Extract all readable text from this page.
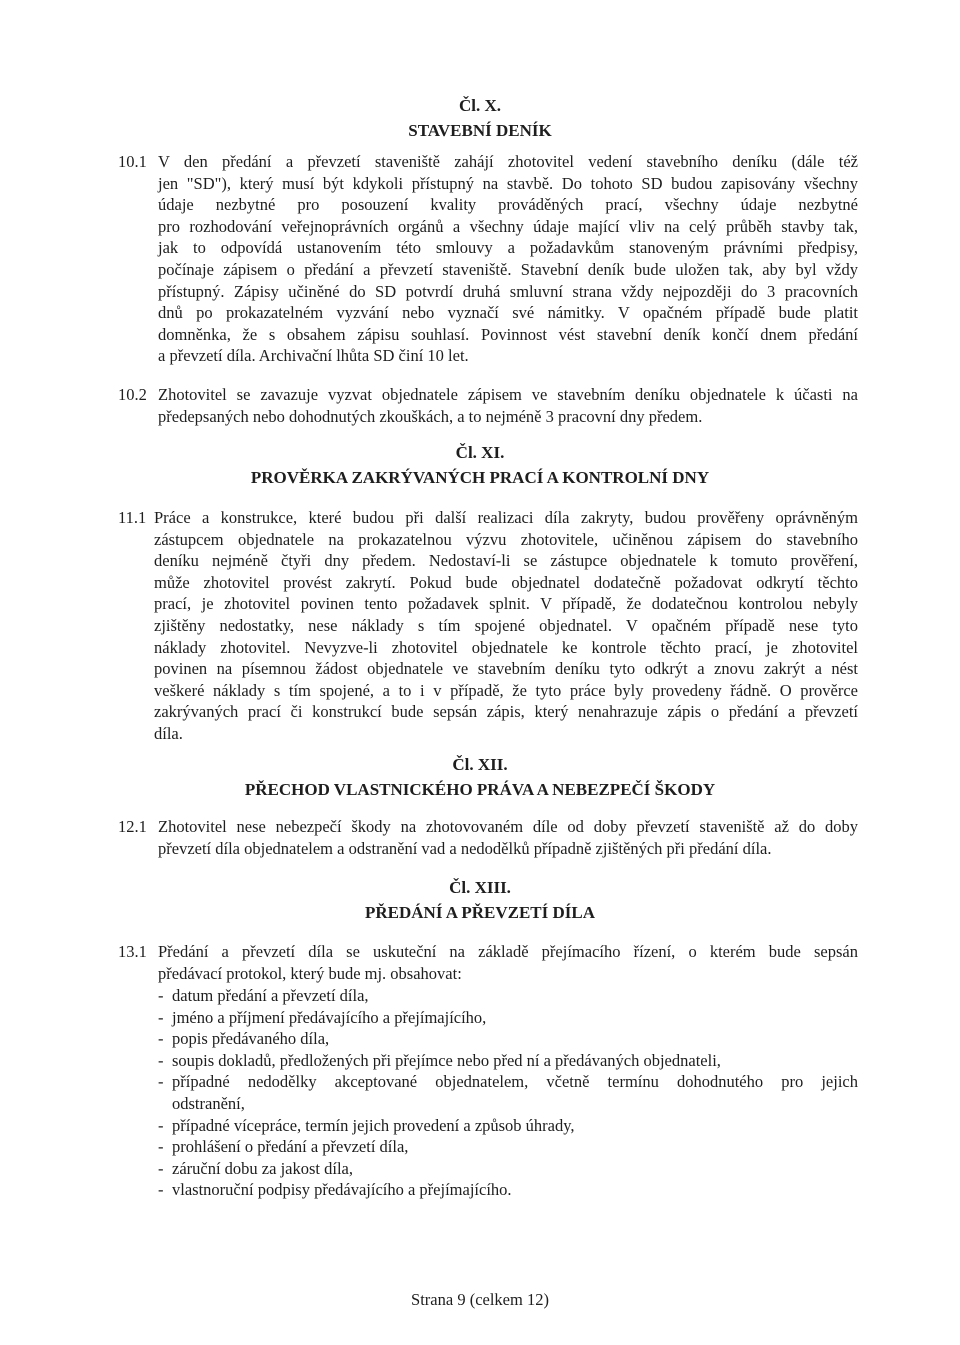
Čl. X.
STAVEBNÍ DENÍK
10.1 V den předání a převzetí staveniště zahájí zhotovitel vedení stavebního deníku (dále též
jen "SD"), který musí být kdykoli přístupný na stavbě. Do tohoto SD budou zapisovány všechny
údaje nezbytné pro posouzení kvality prováděných prací, všechny údaje nezbytné
pro rozhodování veřejnoprávních orgánů a všechny údaje mající vliv na celý průběh stavby tak,
jak to odpovídá ustanovením této smlouvy a požadavkům stanoveným právními předpisy,
počínaje zápisem o předání a převzetí staveniště. Stavební deník bude uložen tak, aby byl vždy
přístupný. Zápisy učiněné do SD potvrdí druhá smluvní strana vždy nejpozději do 3 pracovních
dnů po prokazatelném vyzvání nebo vyznačí své námitky. V opačném případě bude platit
domněnka, že s obsahem zápisu souhlasí. Povinnost vést stavební deník končí dnem předání
a převzetí díla. Archivační lhůta SD činí 10 let.
10.2 Zhotovitel se zavazuje vyzvat objednatele zápisem ve stavebním deníku objednatele k účasti na
předepsaných nebo dohodnutých zkouškách, a to nejméně 3 pracovní dny předem.
Čl. XI.
PROVĚRKA ZAKRÝVANÝCH PRACÍ A KONTROLNÍ DNY
11.1 Práce a konstrukce, které budou při další realizaci díla zakryty, budou prověřeny oprávněným
zástupcem objednatele na prokazatelnou výzvu zhotovitele, učiněnou zápisem do stavebního
deníku nejméně čtyři dny předem. Nedostaví-li se zástupce objednatele k tomuto prověření,
může zhotovitel provést zakrytí. Pokud bude objednatel dodatečně požadovat odkrytí těchto
prací, je zhotovitel povinen tento požadavek splnit. V případě, že dodatečnou kontrolou nebyly
zjištěny nedostatky, nese náklady s tím spojené objednatel. V opačném případě nese tyto
náklady zhotovitel. Nevyzve-li zhotovitel objednatele ke kontrole těchto prací, je zhotovitel
povinen na písemnou žádost objednatele ve stavebním deníku tyto odkrýt a znovu zakrýt a nést
veškeré náklady s tím spojené, a to i v případě, že tyto práce byly provedeny řádně. O prověrce
zakrývaných prací či konstrukcí bude sepsán zápis, který nenahrazuje zápis o předání a převzetí
díla.
Čl. XII.
PŘECHOD VLASTNICKÉHO PRÁVA A NEBEZPEČÍ ŠKODY
12.1 Zhotovitel nese nebezpečí škody na zhotovovaném díle od doby převzetí staveniště až do doby
převzetí díla objednatelem a odstranění vad a nedodělků případně zjištěných při předání díla.
Čl. XIII.
PŘEDÁNÍ A PŘEVZETÍ DÍLA
13.1 Předání a převzetí díla se uskuteční na základě přejímacího řízení, o kterém bude sepsán
předávací protokol, který bude mj. obsahovat:
- datum předání a převzetí díla,
- jméno a příjmení předávajícího a přejímajícího,
- popis předávaného díla,
- soupis dokladů, předložených při přejímce nebo před ní a předávaných objednateli,
- případné nedodělky akceptované objednatelem, včetně termínu dohodnutého pro jejich
odstranění,
- případné vícepráce, termín jejich provedení a způsob úhrady,
- prohlášení o předání a převzetí díla,
- záruční dobu za jakost díla,
- vlastnoruční podpisy předávajícího a přejímajícího.
Strana 9 (celkem 12)
